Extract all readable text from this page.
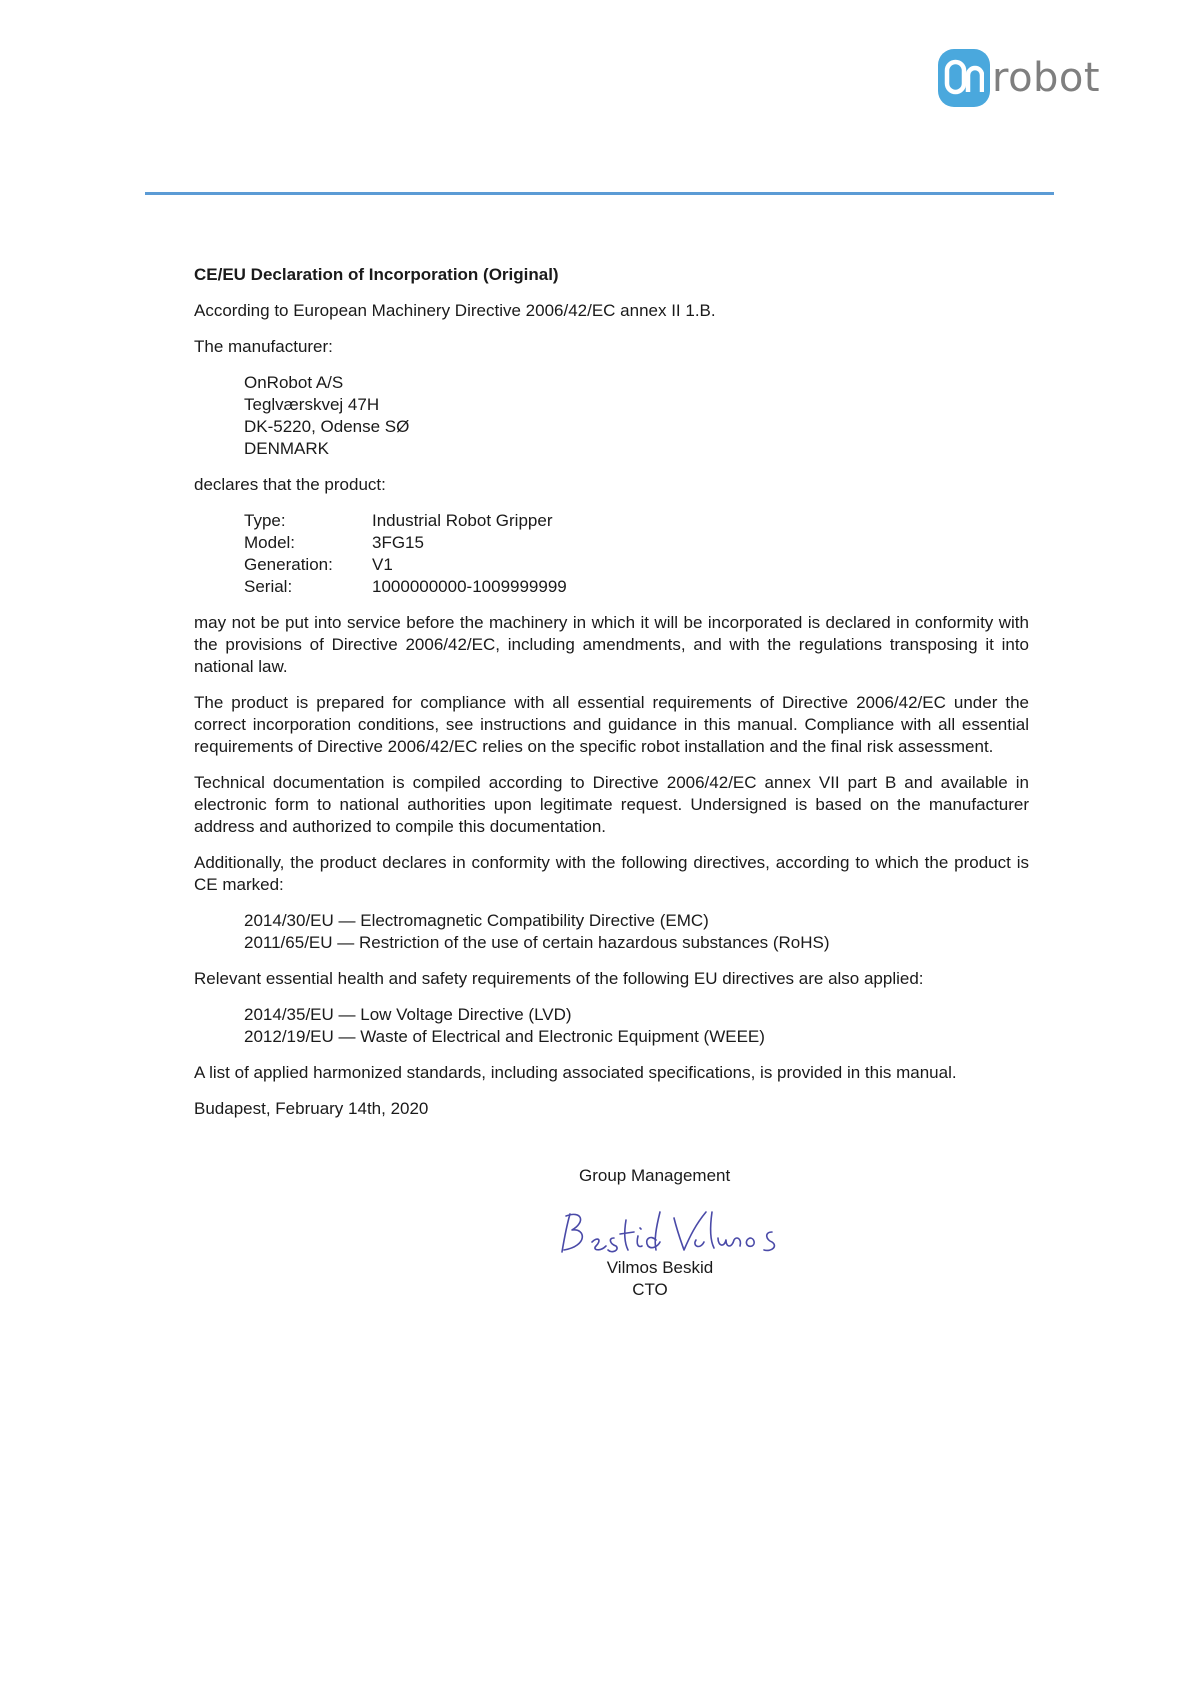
robot
CE/EU Declaration of Incorporation (Original)

According to European Machinery Directive 2006/42/EC annex II 1.B.

The manufacturer:

OnRobot A/S
Teglværskvej 47H
DK-5220, Odense SØ
DENMARK

declares that the product:

Type:	Industrial Robot Gripper
Model:	3FG15
Generation:	V1
Serial:	1000000000-1009999999

may not be put into service before the machinery in which it will be incorporated is declared in conformity with the provisions of Directive 2006/42/EC, including amendments, and with the regulations transposing it into national law.

The product is prepared for compliance with all essential requirements of Directive 2006/42/EC under the correct incorporation conditions, see instructions and guidance in this manual. Compliance with all essential requirements of Directive 2006/42/EC relies on the specific robot installation and the final risk assessment.

Technical documentation is compiled according to Directive 2006/42/EC annex VII part B and available in electronic form to national authorities upon legitimate request. Undersigned is based on the manufacturer address and authorized to compile this documentation.

Additionally, the product declares in conformity with the following directives, according to which the product is CE marked:

2014/30/EU — Electromagnetic Compatibility Directive (EMC)
2011/65/EU — Restriction of the use of certain hazardous substances (RoHS)

Relevant essential health and safety requirements of the following EU directives are also applied:

2014/35/EU — Low Voltage Directive (LVD)
2012/19/EU — Waste of Electrical and Electronic Equipment (WEEE)

A list of applied harmonized standards, including associated specifications, is provided in this manual.

Budapest, February 14th, 2020

Group Management
Vilmos Beskid
CTO
